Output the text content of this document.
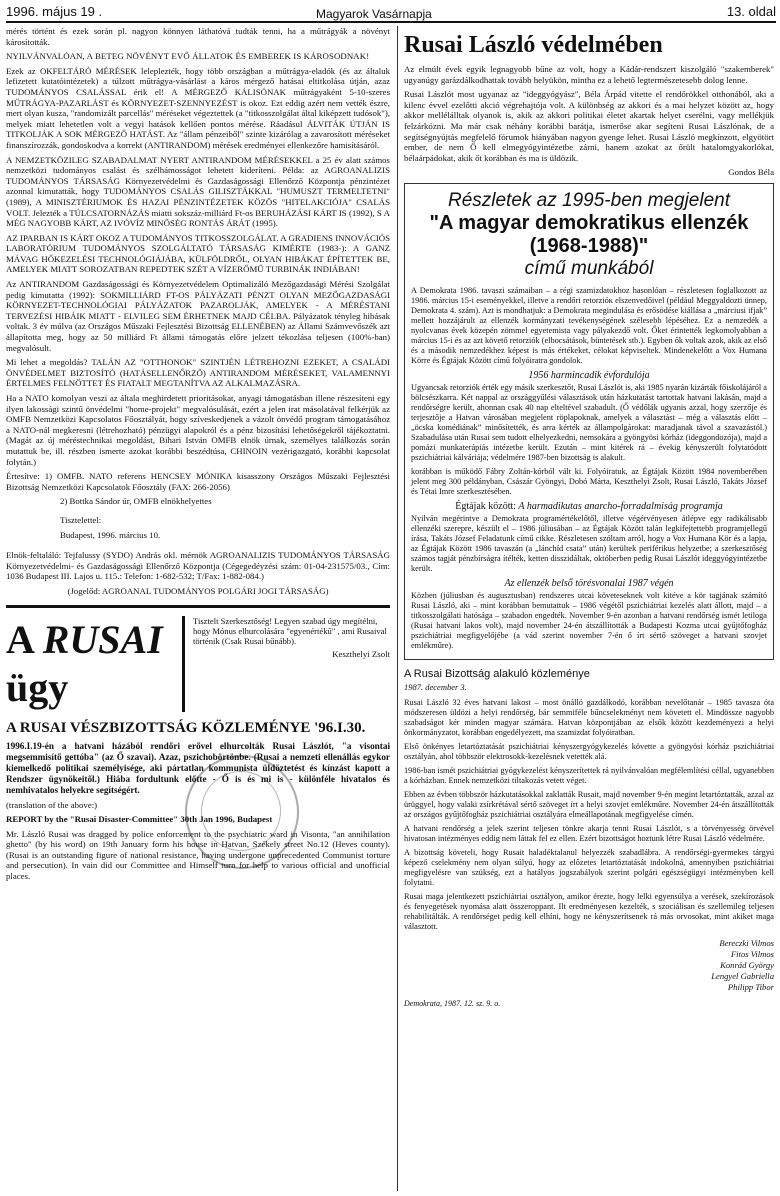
1996. május 19 .	Magyarok Vasárnapja	13. oldal

mérés történt és ezek során pl. nagyon könnyen láthatóvá tudták tenni, ha a műtrágyák a növényt károsították.

NYILVÁNVALÓAN, A BETEG NÖVÉNYT EVŐ ÁLLATOK ÉS EMBEREK IS KÁROSODNAK!

Ezek az OKFELTÁRÓ MÉRÉSEK leleplezték, hogy több országban a műtrágya-eladók (és az általuk lefizetett kutatóintézetek) a túlzott műtrágya-vásárlást a káros mérgező hatásai eltitkolása útján, azaz TUDOMÁNYOS CSALÁSSAL érik el! A MÉRGEZŐ KÁLISÓNAK műtrágyaként 5-10-szeres MŰTRÁGYA-PAZARLÁST és KÖRNYEZET-SZENNYEZÉST is okoz. Ezt eddig azért nem vették észre, mert olyan kusza, "randomizált parcellás" méréseket végeztettek (a "titkosszolgálat által kiképzett tudósok"), melyek miatt lehetetlen volt a vegyi hatások kellően pontos mérése. Ráadásul ÁLVITÁK ÚTJÁN IS TITKOLJÁK A SOK MÉRGEZŐ HATÁST. Az "állam pénzeiből" szinte kizárólag a zavarosított méréseket finanszírozzák, gondoskodva a korrekt (ANTIRANDOM) mérések eredményei ellenkezőre hamisításáról.

A NEMZETKÖZILEG SZABADALMAT NYERT ANTIRANDOM MÉRÉSEKKEL a 25 év alatt számos nemzetközi tudományos csalást és szélhámosságot lehetett kideríteni. Példa: az AGROANALIZIS TUDOMÁNYOS TÁRSASÁG Környezetvédelmi és Gazdaságossági Ellenőrző Központja pénzintézet azonnal kimutatták, hogy TUDOMÁNYOS CSALÁS GILISZTÁKKAL "HUMUSZT TERMELTETNI" (1989), A MINISZTÉRIUMOK ÉS HAZAI PÉNZINTÉZETEK KÖZÖS "HITELAKCIÓJA" CSALÁS VOLT. Jelezték a TÚLCSATORNÁZÁS miatti sokszáz-milliárd Ft-os BERUHÁZÁSI KÁRT IS (1992), S A MÉG NAGYOBB KÁRT, AZ IVÓVÍZ MINŐSÉG RONTÁS ÁRÁT (1995).

AZ IPARBAN IS KÁRT OKOZ A TUDOMÁNYOS TITKOSSZOLGÁLAT. A GRADIENS INNOVÁCIÓS LABORATÓRIUM TUDOMÁNYOS SZOLGÁLTATÓ TÁRSASÁG KIMÉRTE (1983-): A GANZ MÁVAG HŐKEZELÉSI TECHNOLÓGIÁJÁBA, KÜLFÖLDRŐL, OLYAN HIBÁKAT ÉPÍTETTEK BE, AMELYEK MIATT SOROZATBAN REPEDTEK SZÉT A VÍZERŐMŰ TURBINÁK INDIÁBAN!

Az ANTIRANDOM Gazdaságossági és Környezetvédelem Optimalizáló Mezőgazdasági Mérési Szolgálat pedig kimutatta (1992): SOKMILLIÁRD FT-OS PÁLYÁZATI PÉNZT OLYAN MEZŐGAZDASÁGI KÖRNYEZET-TECHNOLÓGIAI PÁLYÁZATOK PAZAROLJÁK, AMELYEK - A MÉRÉSTANI TERVEZÉSI HIBÁIK MIATT - ELVILEG SEM ÉRHETNEK MAJD CÉLBA. Pályázatok tényleg hibásak voltak. 3 év múlva (az Országos Műszaki Fejlesztési Bizottság ELLENÉBEN) az Állami Számvevőszék azt állapította meg, hogy az 50 milliárd Ft állami támogatás előre jelzett tékozlása teljesen (100%-ban) megvalósult.

Mi lehet a megoldás? TALÁN AZ "OTTHONOK" SZINTJÉN LÉTREHOZNI EZEKET, A CSALÁDI ÖNVÉDELMET BIZTOSÍTÓ (HATÁSELLENŐRZŐ) ANTIRANDOM MÉRÉSEKET, VALAMENNYI ÉRTELMES FELNŐTTET ÉS FIATALT MEGTANÍTVA AZ ALKALMAZÁSRA.

Ha a NATO komolyan veszi az általa meghirdetett prioritásokat, anyagi támogatásban illene részesíteni egy ilyen lakossági szintű önvédelmi "home-projekt" megvalósulását, ezért a jelen irat másolatával felkérjük az OMFB Nemzetközi Kapcsolatos Főosztályát, hogy szíveskedjenek a vázolt önvédő program támogatásához a NATO-nál megkeresni (létrehozható) pénzügyi alapokról és a pénz bizosítási lehetőségekről tájékoztatni. (Magát az új méréstechnikai megoldást, Bihari István OMFB elnök úrnak, személyes találkozás során mutattuk be, ill. részben ismerte azokat korábbi beszédtúsa, CHINOIN vezérigazgató, korábbi kapcsolat folytán.)

Értesítve: 1) OMFB. NATO referens HENCSEY MÓNIKA kisasszony Országos Műszaki Fejlesztési Bizottság Nemzetközi Kapcsolatok Főosztály (FAX: 266-2056)

2) Bottka Sándor úr, OMFB elnökhelyettes

Tisztelettel:

Budapest, 1996. március 10.

Elnök-feltaláló: Tejfalussy (SYDO) András okl. mérnök AGROANALIZIS TUDOMÁNYOS TÁRSASÁG Környezetvédelmi- és Gazdaságossági Ellenőrző Központja (Cégegedéyzési szám: 01-04-231575/03., Cím: 1036 Budapest III. Lajos u. 115.: Telefon: 1-682-532; T/Fax: 1-882-084.)

(Jogelőd: AGROANAL TUDOMÁNYOS POLGÁRI JOGI TÁRSASÁG)

A RUSAI ügy
Tisztelt Szerkesztőség! Legyen szabad úgy megítélni, hogy Mónus elhurcolására "egyenértékű" , ami Rusaival történik (Csak Rusai bűnább).
Keszthelyi Zsolt
A RUSAI VÉSZBIZOTTSÁG KÖZLEMÉNYE '96.I.30.

1996.I.19-én a hatvani házából rendőri erővel elhurcolták Rusai Lászlót, "a visontai megsemmisítő gettóba" (az Ő szavai). Azaz, pszichobörtönbe. (Rusai a nemzeti ellenállás egykor kiemelkedő politikai személyisége, aki pártatlan kommunista üldöztetést és kínzást kapott a Rendszer ügynökeitől.) Hiába fordultunk előtte - Ő is és mi is - különféle hivatalos és nemhivatalos helyekre segítségért.

(translation of the above:)

REPORT by the "Rusai Disaster-Committee" 30th Jan 1996, Budapest

Mr. László Rusai was dragged by police enforcement to the psychiatric ward in Visonta, "an annihilation ghetto" (by his word) on 19th January form his house in Hatvan, Székely street No.12 (Heves county). (Rusai is an outstanding figure of national resistance, having undergone unprecedented Communist torture and persecution). In vain did our Committee and Himself turn for help to various official and unofficial places.

Rusai László védelmében

Az elmúlt évek egyik legnagyobb bűne az volt, hogy a Kádár-rendszert kiszolgáló "szakemberek" ugyanúgy garázdálkodhattak tovább helyükön, mintha ez a lehető legtermészetesebb dolog lenne.

Rusai Lászlót most ugyanaz az "ideggyógyász", Béla Árpád vitette el rendőrökkel otthonából, aki a kilenc évvel ezelőtti akció végrehajtója volt. A különbség az akkori és a mai helyzet között az, hogy akkor mellélálltak olyanok is, akik az akkori politikai életet akartak helyet cserélni, vagy mellékjük felzárkózni. Ma már csak néhány korábbi barátja, ismerőse akar segíteni Rusai Lászlónak, de a segítségnyújtás megfelelő fórumok hiányában nagyon gyenge lehet. Rusai László megkínzott, elgyötört ember, de nem Ő kell elmegyógyintézetbe zárni, hanem azokat az őrült hatalomgyakorlókat, bélaárpádokat, akik őt korábban és ma is üldözik.

Gondos Béla
Részletek az 1995-ben megjelent
"A magyar demokratikus ellenzék (1968-1988)"
című munkából

A Demokrata 1986. tavaszi számaiban – a régi szamizdatokhoz hasonlóan – részletesen foglalkozott az 1986. március 15-i eseményekkel, illetve a rendőri retorzióк elszenvedőivel (például Meggyaldozti ünnep, Demokrata 4. szám). Azt is mondhatjuk: a Demokrata megindulása és erősödése kiállása a „márciusi ifjak” mellett hozzájárult az ellenzék kormányzati tevékenységének szélesebb lépéséhez. Ez a nemzedék a nyolcvanas évek közepén zömmel egyetemista vagy pályakezdő volt. Őket érintették legkomolyabban a március 15-i és az azt követő retorziók (elbocsátások, büntetések stb.). Egyben ők voltak azok, akik az első és a második nemzedékhez képest is más értékeket, célokat képviseltek. Mindenekelőtt a Vox Humana Körre és Égtájak Között című folyóiratra gondolok.

1956 harmincadik évfordulója

Ugyancsak retorziók érték egy másik szerkesztőt, Rusai Lászlót is, aki 1985 nyarán kizárták főiskolájáról a bölcsészkarra. Két nappal az országgyűlési választások után házkutatást tartottak hatvani lakásán, majd a rendőrségre került, ahonnan csak 40 nap elteltével szabadult. (Ő védőlák ugyanis azzal, hogy szerzője és terjesztője a Hatvan városában megjelent röplapoknak, amelyek a választást – még a választás előtt – „öcska komédiának” minősítették, és arra kérték az állampolgárokat: maradjanak távol a szavazástól.) Szabadulása után Rusai sem tudott elhelyezkedni, nemsokára a gyöngyösi kórház (ideggondozója), majd a pomázi munkaterápiás intézetbe került. Ezután – mint kitérek rá – évekig kényszerült folytatódott pszichiátriai kálváriája; védelmére 1987-ben bizottság is alakult.

korábban is működő Fábry Zoltán-kórból vált ki. Folyóiratuk, az Égtájak Között 1984 novemberében jelent meg 300 példányban, Császár Gyöngyi, Dobó Márta, Keszthelyi Zsolt, Rusai László, Takáts József és Tétai Imre szerkesztésében.

Égtájak között: A harmadikutas anarcho-forradalmiság programja

Nyilván megérintve a Demokrata programértékelőtől, illetve végérvényesen átlépve egy radikálisabb ellenzéki szerepre, készült el – 1986 júliusában – az Égtájak Között talán legkifejtettebb programjellegű írása, Takáts József Feladatunk című cikke. Részletesen szóltam arról, hogy a Vox Humana Kör és a lapja, az Égtájak Között 1986 tavaszán (a „lánchíd csata” után) kerültek periférikus helyzetbe; a szerkesztőség számos tagját pénzbírságra ítélték, ketten disszidáltak, októberben pedig Rusai Lászlót ideggyógyintézetbe került.

Az ellenzék belső törésvonalai 1987 végén

Közben (júliusban és augusztusban) rendszeres utcai követeseknek volt kitéve a kör tagjának számító Rusai László, aki – mint korábban bemutattuk – 1986 végétől pszichiátriai kezelés alatt állott, majd – a titkosszolgálati hatósága – szabadon engedték. November 9-én azonban a hatvani rendőrség ismét letiloga (Rusai hatvani lakos volt), majd november 24-én átszállították a Budapesti Kozma utcai gyűjtőfogház pszichiátriai megfigyelőjébe (a vád szerint november 7-én ő írt sértő szöveget a hatvani szovjet emlékműre).

A Rusai Bizottság alakuló közleménye
1987. december 3.

Rusai László 32 éves hatvani lakost – most önálló gazdálkodó, korábban nevelőtanár – 1985 tavasza óta módszeresen üldözi a helyi rendőrség, bár semmiféle bűncselekményt nem követett el. Mindössze nagyobb szabadságot kér minden magyar számára. Hatvan központjában az elsők között kezdeményezi a helyi önkormányzatot, korábban engedélyezett, ma szamizdat folyóiratban.

Első önkényes letartóztatását pszichiátriai kényszergyógykezelés követte a gyöngyösi kórház pszichiátriai osztályán, ahol többször elektrosokk-kezelésnek vetették alá.

1986-ban ismét pszichiátriai gyógykezelést kényszerítettek rá nyilvánvalóan megfélemlítési céllal, ugyanebben a kórházban. Ennek nemzetközi tiltakozás vetett véget.

Ebben az évben többször házkutatásokkal zaklatták Rusait, majd november 9-én megint letartóztatták, azzal az ürüggyel, hogy valaki zsírkrétával sértő szöveget írt a helyi szovjet emlékműre. November 24-én átszállították az országos gyűjtőfogház pszichiátriai osztályára elmeállapotának megfigyelése címén.

A hatvani rendőrség a jelek szerint teljesen tönkre akarja tenni Rusai Lászlót, s a törvényesség örvével hivatosan intézményes eddig nem láttak fel ez ellen. Ezért bizottságot hoztunk létre Rusai László védelmére.

A bizottság követeli, hogy Rusait haladéktalanul helyezzék szabadlábra. A rendőrségi-gyermekes tárgyú képező cselekmény nem olyan súlyú, hogy az előzetes letartóztatását indokolná, amennyiben pszichiátriai megfigyelésre van szükség, ezt a hatályos jogszabályok szerint polgári egészségügyi intézményben kell folytatni.

Rusai maga jelentkezett pszichiátriai osztályon, amikor érezte, hogy lelki egyensúlya a verések, szekírozások és fenyegetések nyomása alatt összeroppant. Ilt eredményesen kezelték, s szociálisan és szellemileg teljesen rehabilitálták. A rendőrséget pedig kell elhíni, hogy ne kényszerítsenek rá más orvosokat, mint akiket maga választott.

Bereczki Vilmos
Fitos Vilmos
Konrád György
Lengyel Gabriella
Philipp Tibor
Demokrata, 1987. 12. sz. 9. o.
